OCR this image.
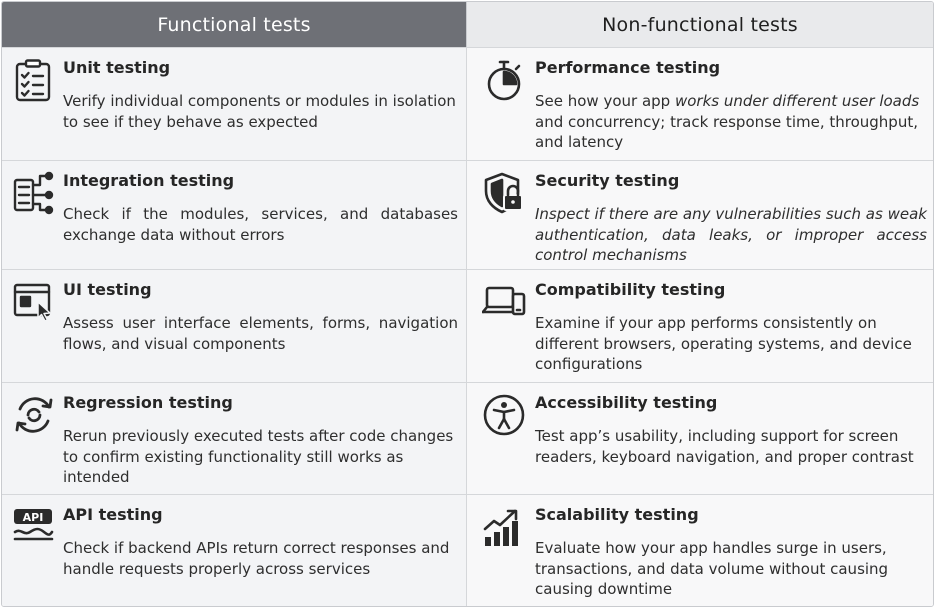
Functional tests	Non-functional tests
Unit testing
Verify individual components or modules in isolation to see if they behave as expected
Performance testing
See how your app works under different user loads and concurrency; track response time, throughput, and latency
Integration testing
Check if the modules, services, and databases exchange data without errors
Security testing
Inspect if there are any vulnerabilities such as weak authentication, data leaks, or improper access control mechanisms
UI testing
Assess user interface elements, forms, navigation flows, and visual components
Compatibility testing
Examine if your app performs consistently on different browsers, operating systems, and device configurations
Regression testing
Rerun previously executed tests after code changes to confirm existing functionality still works as intended
Accessibility testing
Test app’s usability, including support for screen readers, keyboard navigation, and proper contrast
API API testing
Check if backend APIs return correct responses and handle requests properly across services
Scalability testing
Evaluate how your app handles surge in users, transactions, and data volume without causing causing downtime
